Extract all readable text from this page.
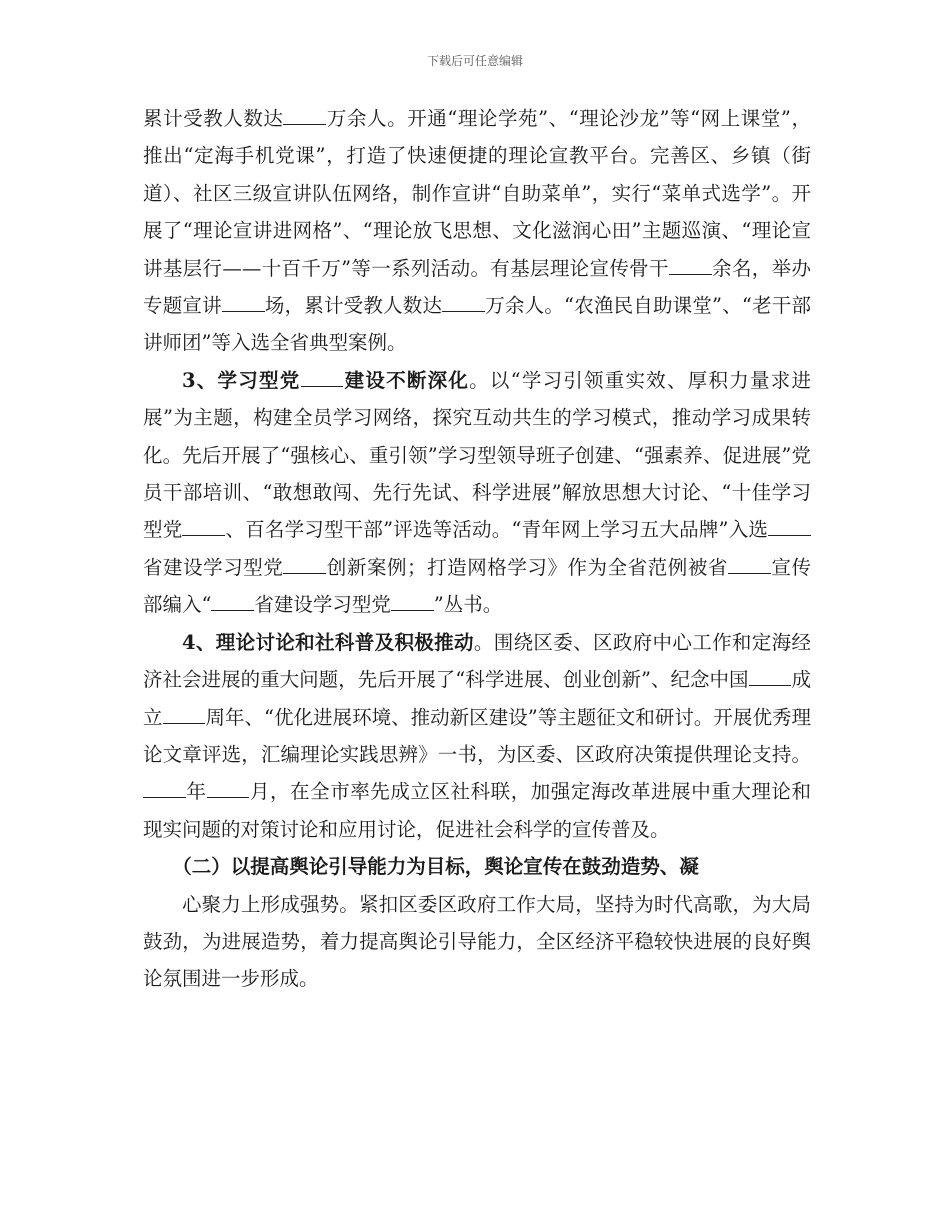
下载后可任意编辑

累计受教人数达 万余人。开通“理论学苑”、“理论沙龙”等“网上课堂”，推出“定海手机党课”，打造了快速便捷的理论宣教平台。完善区、乡镇（街道）、社区三级宣讲队伍网络，制作宣讲“自助菜单”，实行“菜单式选学”。开展了“理论宣讲进网格”、“理论放飞思想、文化滋润心田”主题巡演、“理论宣讲基层行——十百千万”等一系列活动。有基层理论宣传骨干 余名，举办专题宣讲 场，累计受教人数达 万余人。“农渔民自助课堂”、“老干部讲师团”等入选全省典型案例。

3、学习型党 建设不断深化。以“学习引领重实效、厚积力量求进展”为主题，构建全员学习网络，探究互动共生的学习模式，推动学习成果转化。先后开展了“强核心、重引领”学习型领导班子创建、“强素养、促进展”党员干部培训、“敢想敢闯、先行先试、科学进展”解放思想大讨论、“十佳学习型党 、百名学习型干部”评选等活动。“青年网上学习五大品牌”入选省建设学习型党 创新案例；打造网格学习》作为全省范例被省 宣传部编入“ 省建设学习型党 ”丛书。

4、理论讨论和社科普及积极推动。围绕区委、区政府中心工作和定海经济社会进展的重大问题，先后开展了“科学进展、创业创新”、纪念中国 成立 周年、“优化进展环境、推动新区建设”等主题征文和研讨。开展优秀理论文章评选，汇编理论实践思辨》一书，为区委、区政府决策提供理论支持。年 月，在全市率先成立区社科联，加强定海改革进展中重大理论和现实问题的对策讨论和应用讨论，促进社会科学的宣传普及。

（二）以提高舆论引导能力为目标，舆论宣传在鼓劲造势、凝

心聚力上形成强势。紧扣区委区政府工作大局，坚持为时代高歌，为大局鼓劲，为进展造势，着力提高舆论引导能力，全区经济平稳较快进展的良好舆论氛围进一步形成。
